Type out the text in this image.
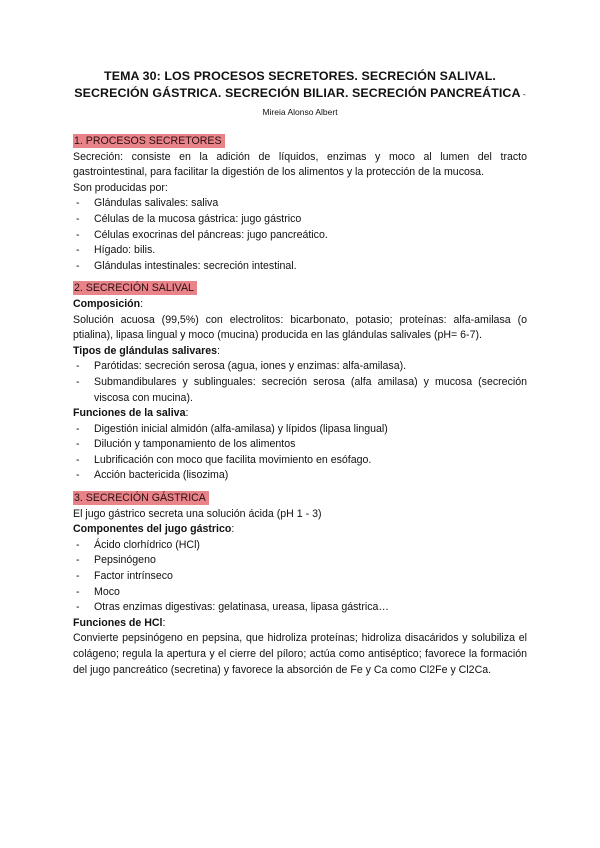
TEMA 30: LOS PROCESOS SECRETORES. SECRECIÓN SALIVAL. SECRECIÓN GÁSTRICA. SECRECIÓN BILIAR. SECRECIÓN PANCREÁTICA - Mireia Alonso Albert
1. PROCESOS SECRETORES

Secreción: consiste en la adición de líquidos, enzimas y moco al lumen del tracto gastrointestinal, para facilitar la digestión de los alimentos y la protección de la mucosa.

Son producidas por:

- Glándulas salivales: saliva
- Células de la mucosa gástrica: jugo gástrico
- Células exocrinas del páncreas: jugo pancreático.
- Hígado: bilis.
- Glándulas intestinales: secreción intestinal.
2. SECRECIÓN SALIVAL

Composición:

Solución acuosa (99,5%) con electrolitos: bicarbonato, potasio; proteínas: alfa-amilasa (o ptialina), lipasa lingual y moco (mucina) producida en las glándulas salivales (pH= 6-7).

Tipos de glándulas salivares:

- Parótidas: secreción serosa (agua, iones y enzimas: alfa-amilasa).
- Submandibulares y sublinguales: secreción serosa (alfa amilasa) y mucosa (secreción viscosa con mucina).

Funciones de la saliva:

- Digestión inicial almidón (alfa-amilasa) y lípidos (lipasa lingual)
- Dilución y tamponamiento de los alimentos
- Lubrificación con moco que facilita movimiento en esófago.
- Acción bactericida (lisozima)
3. SECRECIÓN GÁSTRICA

El jugo gástrico secreta una solución ácida (pH 1 - 3)

Componentes del jugo gástrico:

- Ácido clorhídrico (HCl)
- Pepsinógeno
- Factor intrínseco
- Moco
- Otras enzimas digestivas: gelatinasa, ureasa, lipasa gástrica…

Funciones de HCl:

Convierte pepsinógeno en pepsina, que hidroliza proteínas; hidroliza disacáridos y solubiliza el colágeno; regula la apertura y el cierre del píloro; actúa como antiséptico; favorece la formación del jugo pancreático (secretina) y favorece la absorción de Fe y Ca como Cl2Fe y Cl2Ca.
